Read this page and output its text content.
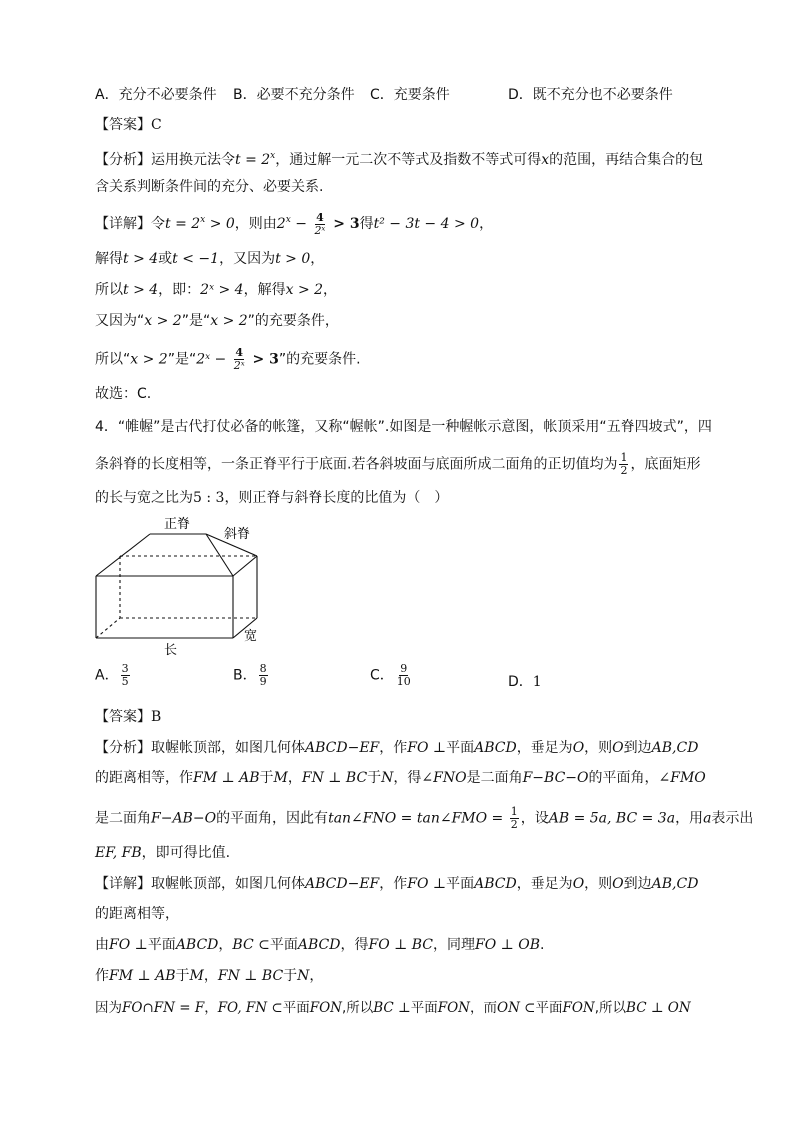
A．充分不必要条件 B．必要不充分条件 C．充要条件	D．既不充分也不必要条件
【答案】C
【分析】运用换元法令$t = 2^x$，通过解一元二次不等式及指数不等式可得x的范围，再结合集合的包
含关系判断条件间的充分、必要关系.
【详解】令$t = 2^x > 0$，则由$2^x - \frac{4}{\text{2ˣ}} > 3$得t² − 3t − 4 > 0，
解得t > 4或t < −1，又因为t > 0，
所以t > 4，即：2ˣ > 4，解得x > 2，
又因为“x > 2”是“x > 2”的充要条件，
所以“x > 2”是“2ˣ − $\frac{4}{\text{2ˣ}} > 3$”的充要条件.
故选：C.
4．“帷幄”是古代打仗必备的帐篷，又称“幄帐”.如图是一种幄帐示意图，帐顶采用“五脊四坡式”，四
条斜脊的长度相等，一条正脊平行于底面.若各斜坡面与底面所成二面角的正切值均为 $\frac{1}{2}$ ，底面矩形
的长与宽之比为5 : 3，则正脊与斜脊长度的比值为（　）
正脊
斜脊
长
宽
A． $\frac{3}{5}$	B． $\frac{8}{9}$	C． $\frac{9}{10}$	D．1
【答案】B
【分析】取幄帐顶部，如图几何体ABCD−EF，作FO ⊥平面ABCD，垂足为O，则O到边AB,CD
的距离相等，作FM ⊥ AB于M，FN ⊥ BC于N，得∠FNO是二面角F−BC−O的平面角，∠FMO
是二面角F−AB−O的平面角，因此有tan∠FNO = tan∠FMO = $\frac{1}{2}$ ，设AB = 5a, BC = 3a，用a表示出
EF, FB，即可得比值.
【详解】取幄帐顶部，如图几何体ABCD−EF，作FO ⊥平面ABCD，垂足为O，则O到边AB,CD
的距离相等，
由FO ⊥平面ABCD，BC ⊂平面ABCD，得FO ⊥ BC，同理FO ⊥ OB.
作FM ⊥ AB于M，FN ⊥ BC于N，
因为FO∩FN = F，FO, FN ⊂平面FON,所以BC ⊥平面FON，而ON ⊂平面FON,所以BC ⊥ ON
